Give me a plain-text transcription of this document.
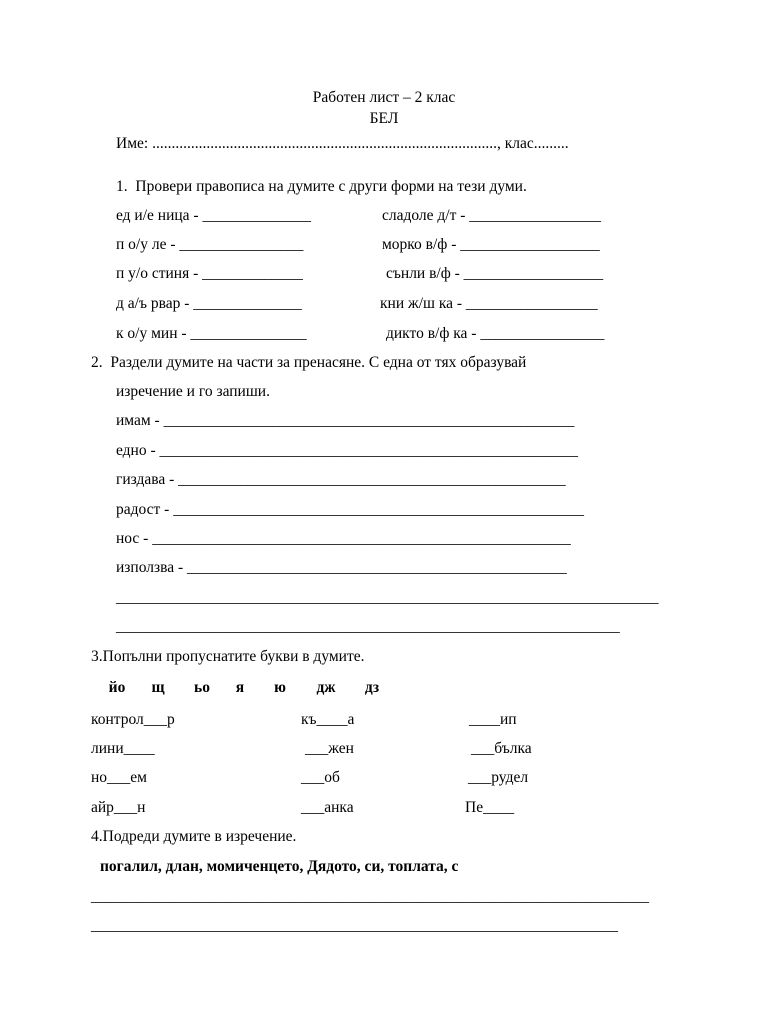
Работен лист – 2 клас
БЕЛ
Име: ........................................................................................., клас.........
1.  Провери правописа на думите с други форми на тези думи.
ед и/е ница - ______________
п о/у ле - ________________
п у/о стиня - _____________
д а/ъ рвар - ______________
к о/у мин - _______________
сладоле д/т - _________________
морко в/ф - __________________
сънли в/ф - __________________
кни ж/ш ка - _________________
дикто в/ф ка - ________________
2.  Раздели думите на части за пренасяне. С една от тях образувай
изречение и го запиши.
имам - _____________________________________________________
едно - ______________________________________________________
гиздава - __________________________________________________
радост - _____________________________________________________
нос - ______________________________________________________
използва - _________________________________________________
______________________________________________________________________
_________________________________________________________________
3.Попълни пропуснатите букви в думите.
йо щ ьо я ю дж дз
контрол___р
лини____
но___ем
айр___н
къ____а
___жен
___об
___анка
____ип
___бълка
___рудел
Пе____
4.Подреди думите в изречение.
погалил, длан, момиченцето, Дядото, си, топлата, с
________________________________________________________________________
____________________________________________________________________
